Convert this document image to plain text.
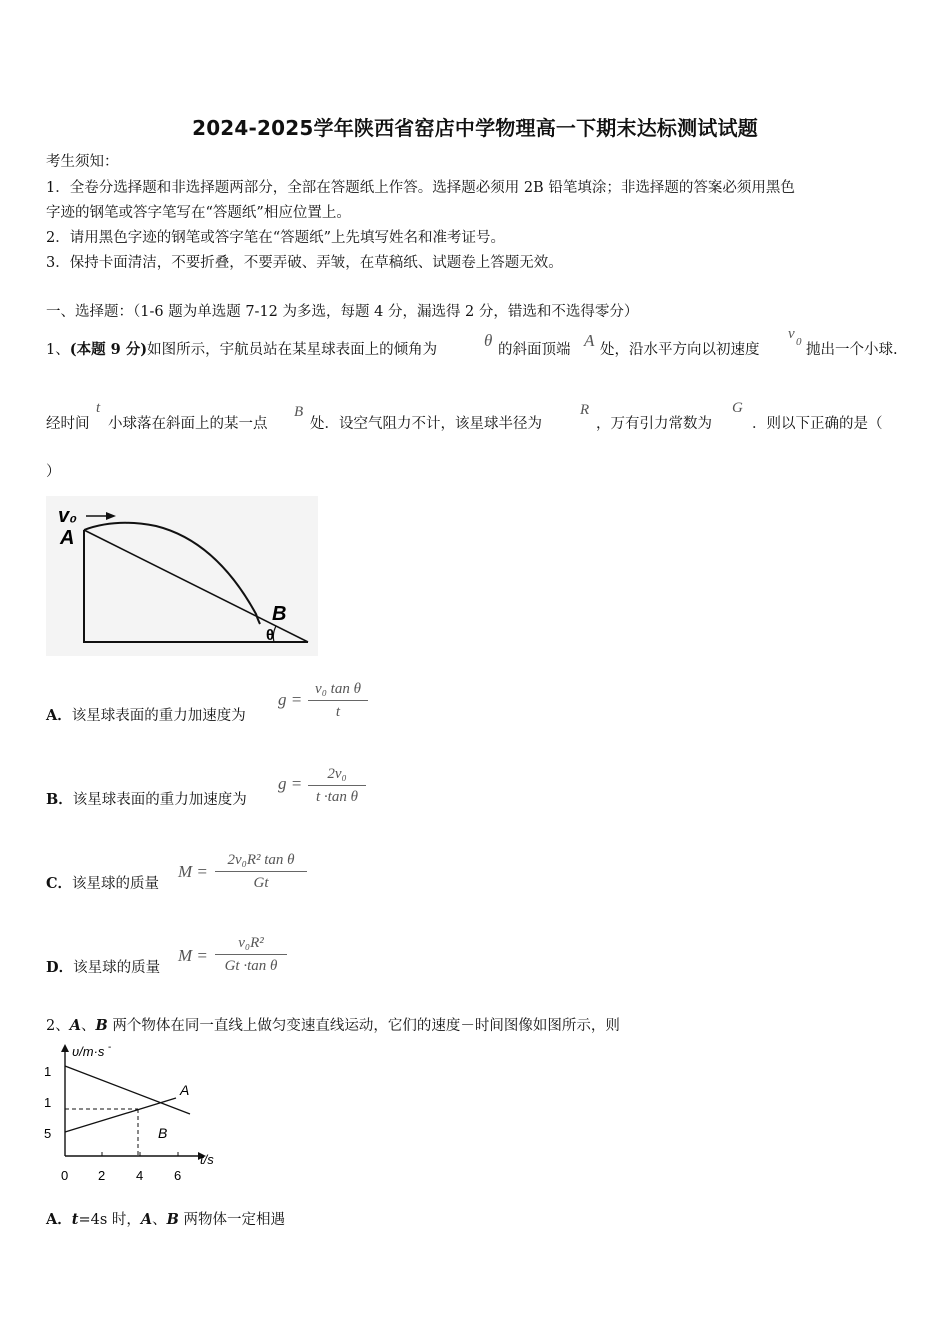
2024-2025学年陕西省窑店中学物理高一下期末达标测试试题
考生须知：
1．全卷分选择题和非选择题两部分，全部在答题纸上作答。选择题必须用 2B 铅笔填涂；非选择题的答案必须用黑色
字迹的钢笔或答字笔写在“答题纸”相应位置上。
2．请用黑色字迹的钢笔或答字笔在“答题纸”上先填写姓名和准考证号。
3．保持卡面清洁，不要折叠，不要弄破、弄皱，在草稿纸、试题卷上答题无效。
一、选择题：（1-6 题为单选题 7-12 为多选，每题 4 分，漏选得 2 分，错选和不选得零分）
1、(本题 9 分)如图所示，宇航员站在某星球表面上的倾角为	θ 的斜面顶端 A 处，沿水平方向以初速度
v 0 抛出一个小球.
经时间
t
小球落在斜面上的某一点
B
处．设空气阻力不计，该星球半径为
R
，万有引力常数为
G
．则以下正确的是（
）
v₀
A
B
θ
A．该星球表面的重力加速度为
g =
v₀ tan θ
t
B．该星球表面的重力加速度为
g =	2v₀
t ·tan θ
C．该星球的质量
M =
2v₀R² tan θ
Gt
D．该星球的质量
M =
v₀R²
Gt ·tan θ
2、A、B 两个物体在同一直线上做匀变速直线运动，它们的速度－时间图像如图所示，则
υ/m·s -
t/s
1
1
5
0 2 4 6
A
B
A．t=4s 时，A、B 两物体一定相遇
